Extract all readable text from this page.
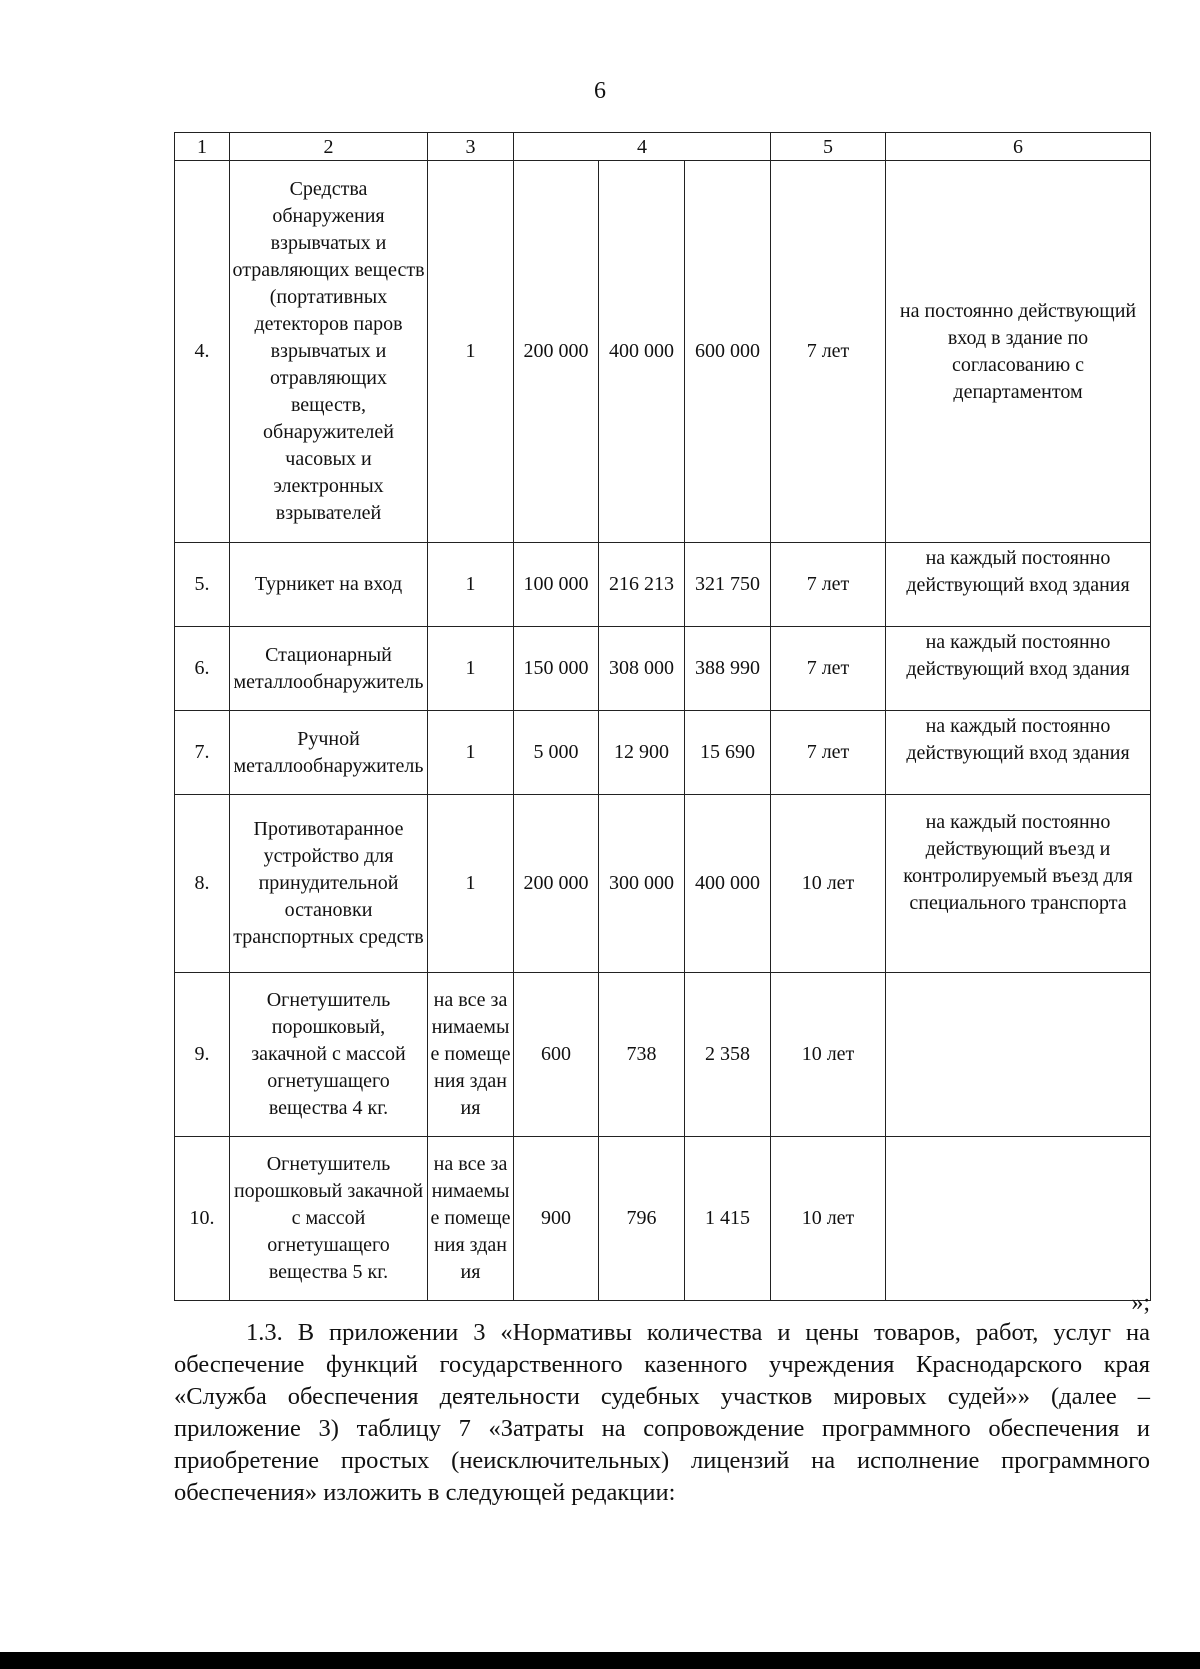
6
1	2	3	4			5	6
4.	Средства обнаружения взрывчатых и отравляющих веществ (портативных детекторов паров взрывчатых и отравляющих веществ, обнаружителей часовых и электронных взрывателей	1	200 000	400 000	600 000	7 лет	на постоянно действующий вход в здание по согласованию с департаментом
5.	Турникет на вход	1	100 000	216 213	321 750	7 лет	на каждый постоянно действующий вход здания
6.	Стационарный металлообнаружитель	1	150 000	308 000	388 990	7 лет	на каждый постоянно действующий вход здания
7.	Ручной металлообнаружитель	1	5 000	12 900	15 690	7 лет	на каждый постоянно действующий вход здания
8.	Противотаранное устройство для принудительной остановки транспортных средств	1	200 000	300 000	400 000	10 лет	на каждый постоянно действующий въезд и контролируемый въезд для специального транспорта
9.	Огнетушитель порошковый, закачной с массой огнетушащего вещества 4 кг.	на все занимаемые помещения здания	600	738	2 358	10 лет	
10.	Огнетушитель порошковый закачной с массой огнетушащего вещества 5 кг.	на все занимаемые помещения здания	900	796	1 415	10 лет	
»;

1.3. В приложении 3 «Нормативы количества и цены товаров, работ, услуг на обеспечение функций государственного казенного учреждения Краснодарского края «Служба обеспечения деятельности судебных участков мировых судей»» (далее – приложение 3) таблицу 7 «Затраты на сопровождение программного обеспечения и приобретение простых (неисключительных) лицензий на исполнение программного обеспечения» изложить в следующей редакции:
